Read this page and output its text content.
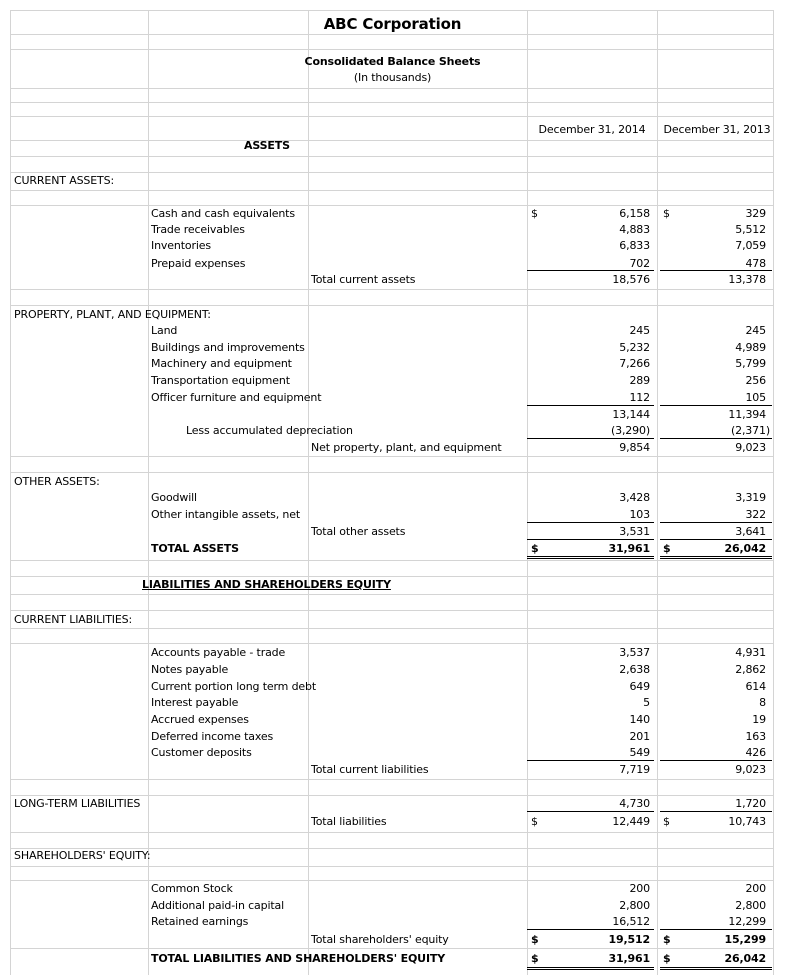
ABC Corporation
Consolidated Balance Sheets
(In thousands)
December 31, 2014	December 31, 2013
ASSETS
CURRENT ASSETS:
Cash and cash equivalents	$	6,158 $	329
Trade receivables	4,883	5,512
Inventories	6,833	7,059
Prepaid expenses	702	478
Total current assets	18,576	13,378
PROPERTY, PLANT, AND EQUIPMENT:
Land	245	245
Buildings and improvements	5,232	4,989
Machinery and equipment	7,266	5,799
Transportation equipment	289	256
Officer furniture and equipment	112	105
13,144	11,394
Less accumulated depreciation	(3,290)	(2,371)
Net property, plant, and equipment	9,854	9,023
OTHER ASSETS:
Goodwill	3,428	3,319
Other intangible assets, net	103	322
Total other assets	3,531	3,641
TOTAL ASSETS	$	31,961 $	26,042
LIABILITIES AND SHAREHOLDERS EQUITY
CURRENT LIABILITIES:
Accounts payable - trade	3,537	4,931
Notes payable	2,638	2,862
Current portion long term debt	649	614
Interest payable	5	8
Accrued expenses	140	19
Deferred income taxes	201	163
Customer deposits	549	426
Total current liabilities	7,719	9,023
LONG-TERM LIABILITIES	4,730	1,720
Total liabilities	$	12,449 $	10,743
SHAREHOLDERS' EQUITY:
Common Stock	200	200
Additional paid-in capital	2,800	2,800
Retained earnings	16,512	12,299
Total shareholders' equity	$	19,512 $	15,299
TOTAL LIABILITIES AND SHAREHOLDERS' EQUITY	$	31,961 $	26,042
